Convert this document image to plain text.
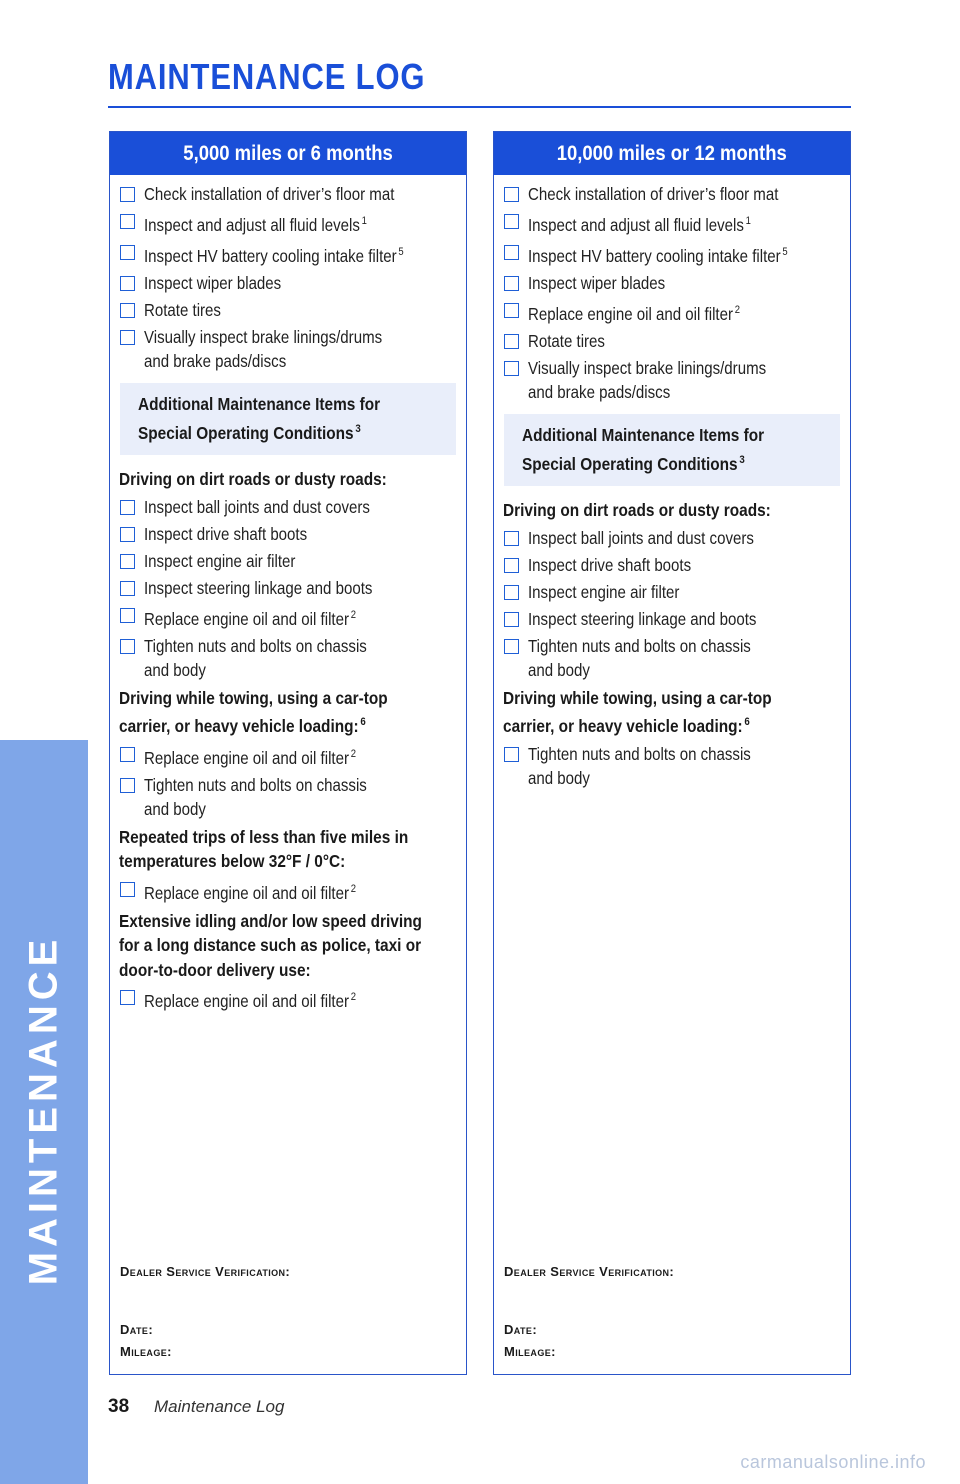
MAINTENANCE
MAINTENANCE LOG
5,000 miles or 6 months
Check installation of driver’s floor mat
Inspect and adjust all fluid levels $^1$
Inspect HV battery cooling intake filter $^5$
Inspect wiper blades
Rotate tires
Visually inspect brake linings/drums
and brake pads/discs
Additional Maintenance Items for
Special Operating Conditions $^3$
Driving on dirt roads or dusty roads:
Inspect ball joints and dust covers
Inspect drive shaft boots
Inspect engine air filter
Inspect steering linkage and boots
Replace engine oil and oil filter $^2$
Tighten nuts and bolts on chassis
and body
Driving while towing, using a car-top
carrier, or heavy vehicle loading: $^6$
Replace engine oil and oil filter $^2$
Tighten nuts and bolts on chassis
and body
Repeated trips of less than five miles in
temperatures below 32°F / 0°C:
Replace engine oil and oil filter $^2$
Extensive idling and/or low speed driving
for a long distance such as police, taxi or
door-to-door delivery use:
Replace engine oil and oil filter $^2$
Dealer Service Verification:
Date:
Mileage:
10,000 miles or 12 months
Check installation of driver’s floor mat
Inspect and adjust all fluid levels $^1$
Inspect HV battery cooling intake filter $^5$
Inspect wiper blades
Replace engine oil and oil filter $^2$
Rotate tires
Visually inspect brake linings/drums
and brake pads/discs
Additional Maintenance Items for
Special Operating Conditions $^3$
Driving on dirt roads or dusty roads:
Inspect ball joints and dust covers
Inspect drive shaft boots
Inspect engine air filter
Inspect steering linkage and boots
Tighten nuts and bolts on chassis
and body
Driving while towing, using a car-top
carrier, or heavy vehicle loading: $^6$
Tighten nuts and bolts on chassis
and body
Dealer Service Verification:
Date:
Mileage:
38 Maintenance Log
carmanualsonline.info
